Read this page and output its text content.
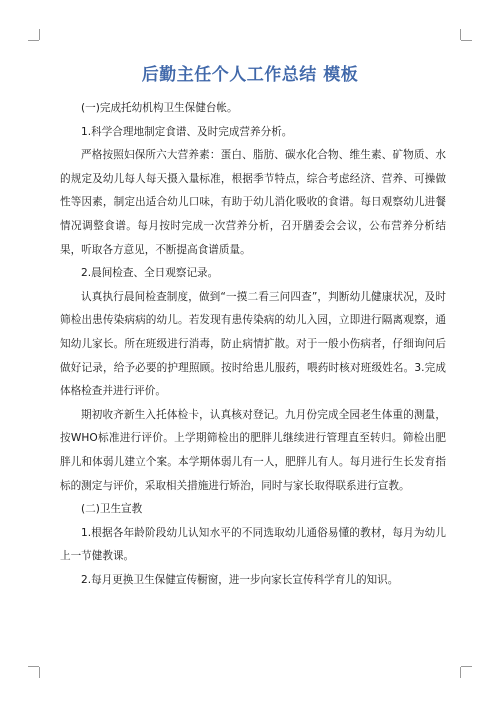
后勤主任个人工作总结 模板

(一)完成托幼机构卫生保健台帐。

1.科学合理地制定食谱、及时完成营养分析。

严格按照妇保所六大营养素：蛋白、脂肪、碳水化合物、维生素、矿物质、水的规定及幼儿每人每天摄入量标准，根据季节特点，综合考虑经济、营养、可操做性等因素，制定出适合幼儿口味，有助于幼儿消化吸收的食谱。每日观察幼儿进餐情况调整食谱。每月按时完成一次营养分析，召开膳委会会议，公布营养分析结果，听取各方意见，不断提高食谱质量。

2.晨间检查、全日观察记录。

认真执行晨间检查制度，做到“一摸二看三问四查”，判断幼儿健康状况，及时筛检出患传染病病的幼儿。若发现有患传染病的幼儿入园，立即进行隔离观察，通知幼儿家长。所在班级进行消毒，防止病情扩散。对于一般小伤病者，仔细询问后做好记录，给予必要的护理照顾。按时给患儿服药，喂药时核对班级姓名。3.完成体格检查并进行评价。

期初收齐新生入托体检卡，认真核对登记。九月份完成全园老生体重的测量，按WHO标准进行评价。上学期筛检出的肥胖儿继续进行管理直至转归。筛检出肥胖儿和体弱儿建立个案。本学期体弱儿有一人，肥胖儿有人。每月进行生长发育指标的测定与评价，采取相关措施进行矫治，同时与家长取得联系进行宣教。

(二)卫生宣教

1.根据各年龄阶段幼儿认知水平的不同选取幼儿通俗易懂的教材，每月为幼儿上一节健教课。

2.每月更换卫生保健宣传橱窗，进一步向家长宣传科学育儿的知识。
